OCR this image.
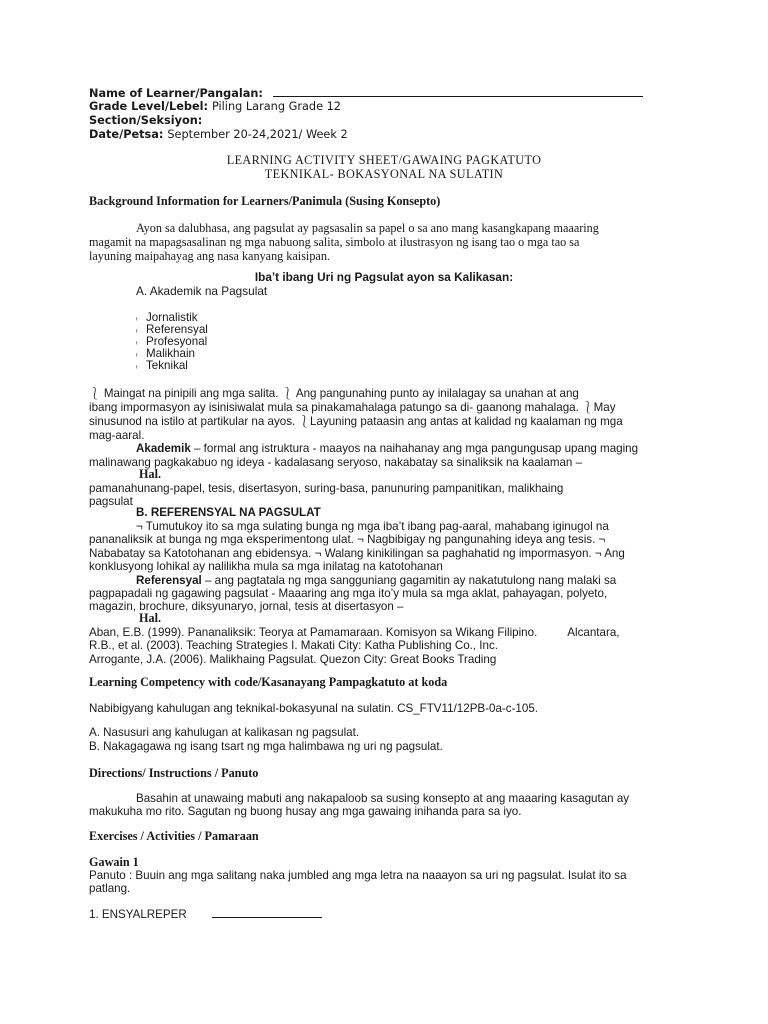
Name of Learner/Pangalan:
Grade Level/Lebel: Piling Larang Grade 12
Section/Seksiyon:
Date/Petsa: September 20-24,2021/ Week 2
LEARNING ACTIVITY SHEET/GAWAING PAGKATUTO
TEKNIKAL- BOKASYONAL NA SULATIN
Background Information for Learners/Panimula (Susing Konsepto)
Ayon sa dalubhasa, ang pagsulat ay pagsasalin sa papel o sa ano mang kasangkapang maaaring
magamit na mapagsasalinan ng mga nabuong salita, simbolo at ilustrasyon ng isang tao o mga tao sa
layuning maipahayag ang nasa kanyang kaisipan.
Iba’t ibang Uri ng Pagsulat ayon sa Kalikasan:
A. Akademik na Pagsulat
ᵣ Jornalistik
ᵣ Referensyal
ᵣ Profesyonal
ᵣ Malikhain
ᵣ Teknikal
⎱ Maingat na pinipili ang mga salita. ⎱ Ang pangunahing punto ay inilalagay sa unahan at ang
ibang impormasyon ay isinisiwalat mula sa pinakamahalaga patungo sa di- gaanong mahalaga. ⎱May
sinusunod na istilo at partikular na ayos. ⎱Layuning pataasin ang antas at kalidad ng kaalaman ng mga
mag-aaral.
Akademik – formal ang istruktura - maayos na naihahanay ang mga pangungusap upang maging
malinawang pagkakabuo ng ideya - kadalasang seryoso, nakabatay sa sinaliksik na kaalaman –
Hal.
pamanahunang-papel, tesis, disertasyon, suring-basa, panunuring pampanitikan, malikhaing
pagsulat
B. REFERENSYAL NA PAGSULAT
¬ Tumutukoy ito sa mga sulating bunga ng mga iba’t ibang pag-aaral, mahabang iginugol na
pananaliksik at bunga ng mga eksperimentong ulat. ¬ Nagbibigay ng pangunahing ideya ang tesis. ¬
Nababatay sa Katotohanan ang ebidensya. ¬ Walang kinikilingan sa paghahatid ng impormasyon. ¬ Ang
konklusyong lohikal ay nalilikha mula sa mga inilatag na katotohanan
Referensyal – ang pagtatala ng mga sangguniang gagamitin ay nakatutulong nang malaki sa
pagpapadali ng gagawing pagsulat - Maaaring ang mga ito’y mula sa mga aklat, pahayagan, polyeto,
magazin, brochure, diksyunaryo, jornal, tesis at disertasyon –
Hal.
Aban, E.B. (1999). Pananaliksik: Teorya at Pamamaraan. Komisyon sa Wikang Filipino.	Alcantara,
R.B., et al. (2003). Teaching Strategies I. Makati City: Katha Publishing Co., Inc.
Arrogante, J.A. (2006). Malikhaing Pagsulat. Quezon City: Great Books Trading
Learning Competency with code/Kasanayang Pampagkatuto at koda
Nabibigyang kahulugan ang teknikal-bokasyunal na sulatin. CS_FTV11/12PB-0a-c-105.
A. Nasusuri ang kahulugan at kalikasan ng pagsulat.
B. Nakagagawa ng isang tsart ng mga halimbawa ng uri ng pagsulat.
Directions/ Instructions / Panuto
Basahin at unawaing mabuti ang nakapaloob sa susing konsepto at ang maaaring kasagutan ay
makukuha mo rito. Sagutan ng buong husay ang mga gawaing inihanda para sa iyo.
Exercises / Activities / Pamaraan
Gawain 1
Panuto : Buuin ang mga salitang naka jumbled ang mga letra na naaayon sa uri ng pagsulat. Isulat ito sa
patlang.
1. ENSYALREPER
